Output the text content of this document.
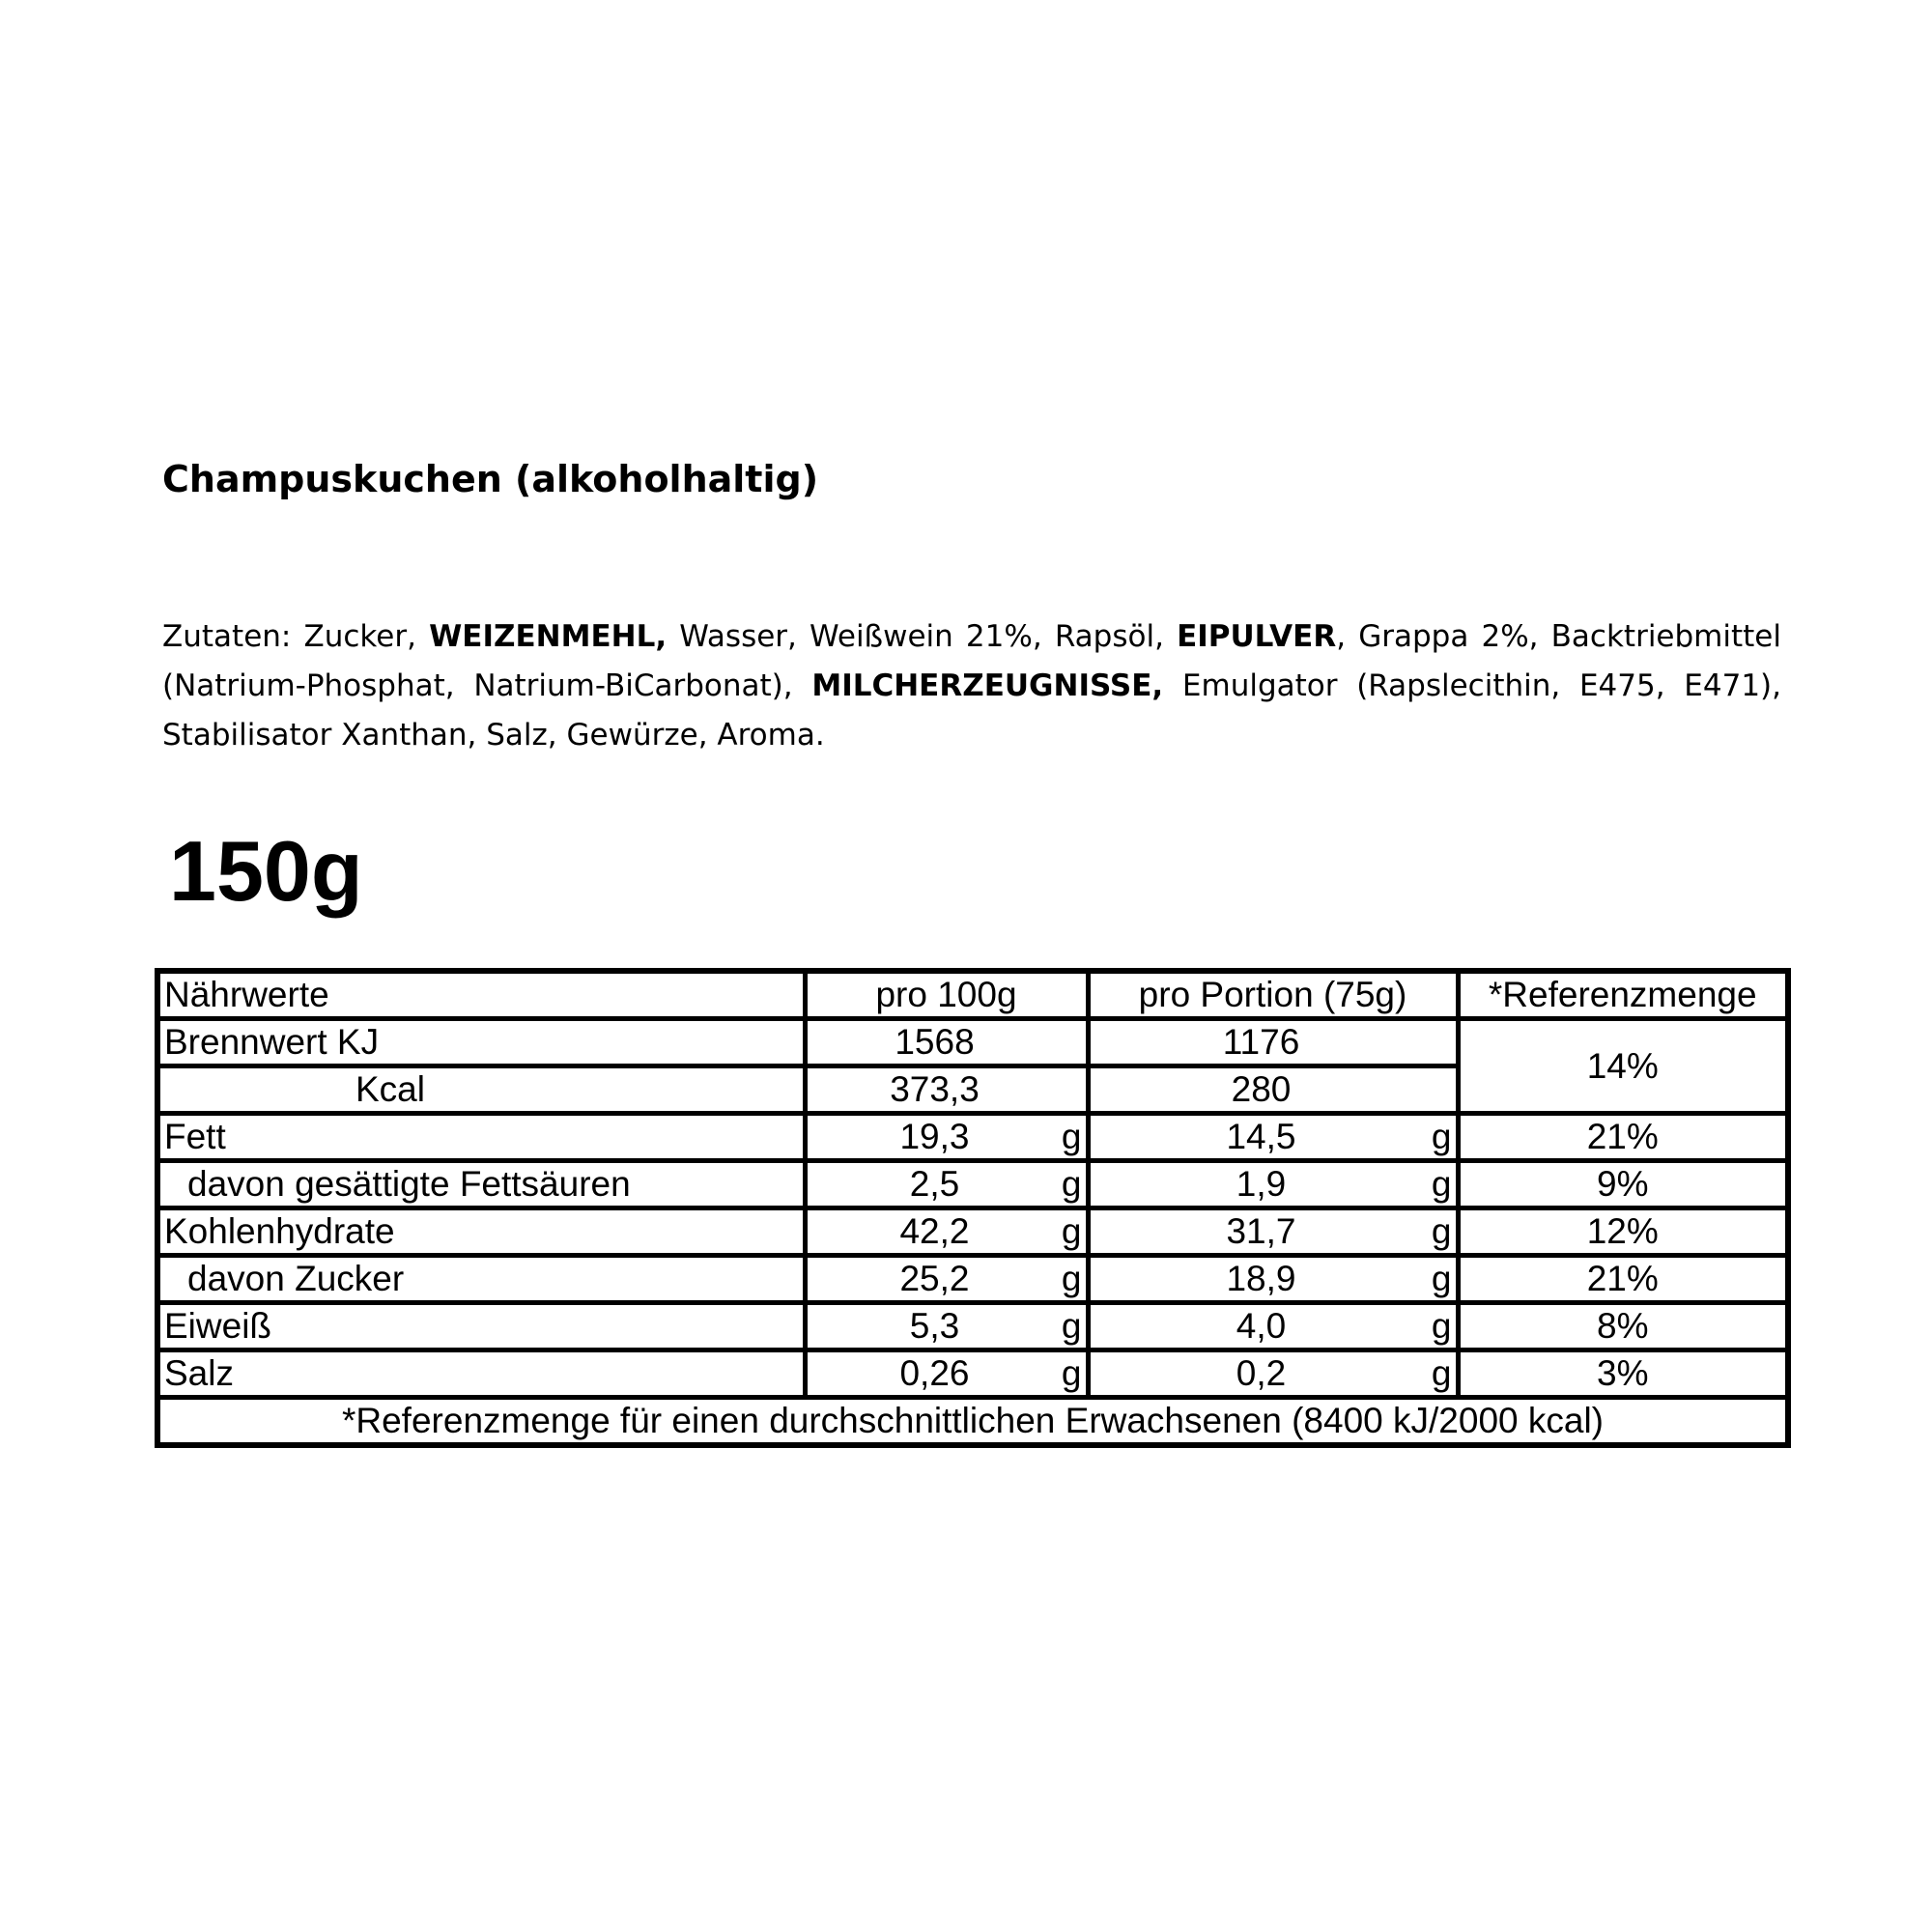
Champuskuchen (alkoholhaltig)
Zutaten: Zucker, WEIZENMEHL, Wasser, Weißwein 21%, Rapsöl, EIPULVER, Grappa 2%, Backtriebmittel (Natrium-Phosphat, Natrium-BiCarbonat), MILCHERZEUGNISSE, Emulgator (Rapslecithin, E475, E471), Stabilisator Xanthan, Salz, Gewürze, Aroma.
150g
Nährwerte	pro 100g	pro Portion (75g)	*Referenzmenge
Brennwert KJ	1568	1176	14%
Kcal	373,3	280	

Fett	19,3 g	14,5 g	21%
davon gesättigte Fettsäuren	2,5 g	1,9 g	9%
Kohlenhydrate	42,2 g	31,7 g	12%
davon Zucker	25,2 g	18,9 g	21%
Eiweiß	5,3 g	4,0 g	8%
Salz	0,26 g	0,2 g	3%
*Referenzmenge für einen durchschnittlichen Erwachsenen (8400 kJ/2000 kcal)			
